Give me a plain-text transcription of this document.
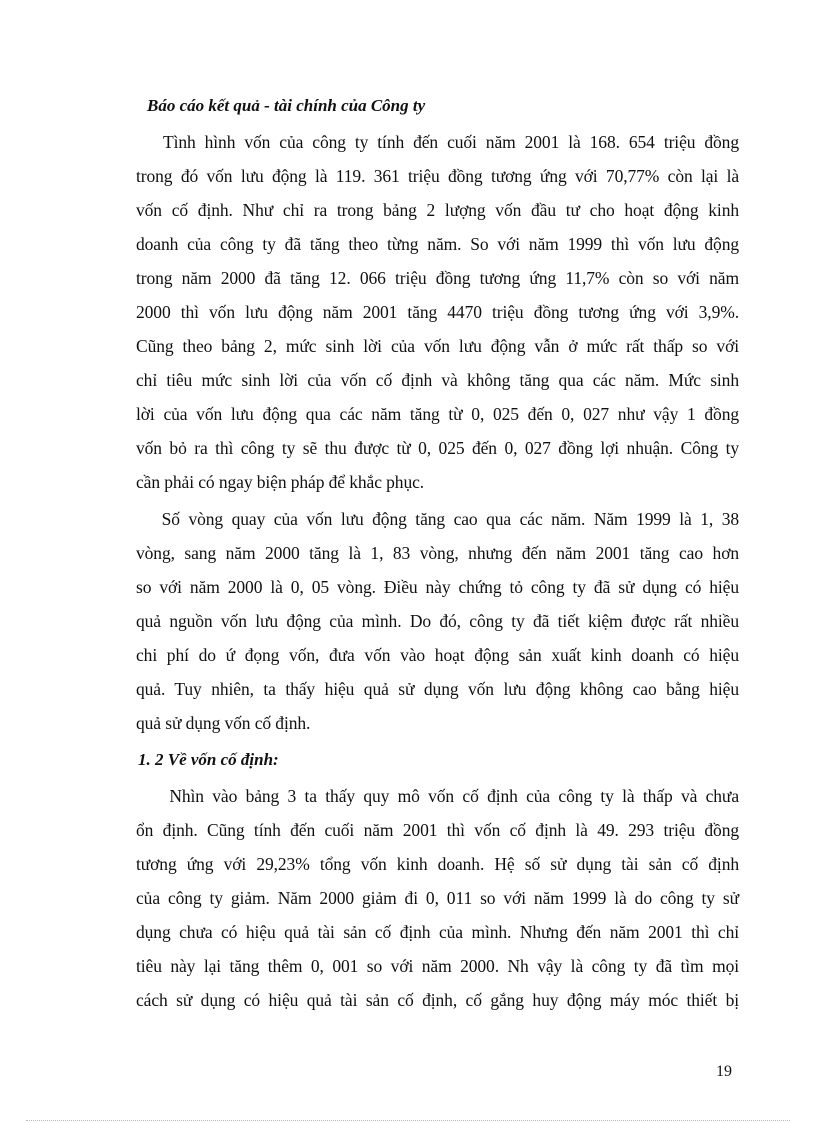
Báo cáo kết quả - tài chính của Công ty
Tình hình vốn của công ty tính đến cuối năm 2001 là 168. 654 triệu đồng
trong đó vốn lưu động là 119. 361 triệu đồng tương ứng với 70,77% còn lại là
vốn cố định. Như chỉ ra trong bảng 2 lượng vốn đầu tư cho hoạt động kinh
doanh của công ty đã tăng theo từng năm. So với năm 1999 thì vốn lưu động
trong năm 2000 đã tăng 12. 066 triệu đồng tương ứng 11,7% còn so với năm
2000 thì vốn lưu động năm 2001 tăng 4470 triệu đồng tương ứng với 3,9%.
Cũng theo bảng 2, mức sinh lời của vốn lưu động vẫn ở mức rất thấp so với
chỉ tiêu mức sinh lời của vốn cố định và không tăng qua các năm. Mức sinh
lời của vốn lưu động qua các năm tăng từ 0, 025 đến 0, 027 như vậy 1 đồng
vốn bỏ ra thì công ty sẽ thu được từ 0, 025 đến 0, 027 đồng lợi nhuận. Công ty
cần phải có ngay biện pháp để khắc phục.
Số vòng quay của vốn lưu động tăng cao qua các năm. Năm 1999 là 1, 38
vòng, sang năm 2000 tăng là 1, 83 vòng, nhưng đến năm 2001 tăng cao hơn
so với năm 2000 là 0, 05 vòng. Điều này chứng tỏ công ty đã sử dụng có hiệu
quả nguồn vốn lưu động của mình. Do đó, công ty đã tiết kiệm được rất nhiều
chi phí do ứ đọng vốn, đưa vốn vào hoạt động sản xuất kinh doanh có hiệu
quả. Tuy nhiên, ta thấy hiệu quả sử dụng vốn lưu động không cao bằng hiệu
quả sử dụng vốn cố định.
1. 2 Về vốn cố định:
Nhìn vào bảng 3 ta thấy quy mô vốn cố định của công ty là thấp và chưa
ổn định. Cũng tính đến cuối năm 2001 thì vốn cố định là 49. 293 triệu đồng
tương ứng với 29,23% tổng vốn kinh doanh. Hệ số sử dụng tài sản cố định
của công ty giảm. Năm 2000 giảm đi 0, 011 so với năm 1999 là do công ty sử
dụng chưa có hiệu quả tài sản cố định của mình. Nhưng đến năm 2001 thì chỉ
tiêu này lại tăng thêm 0, 001 so với năm 2000. Nh vậy là công ty đã tìm mọi
cách sử dụng có hiệu quả tài sản cố định, cố gắng huy động máy móc thiết bị
19
